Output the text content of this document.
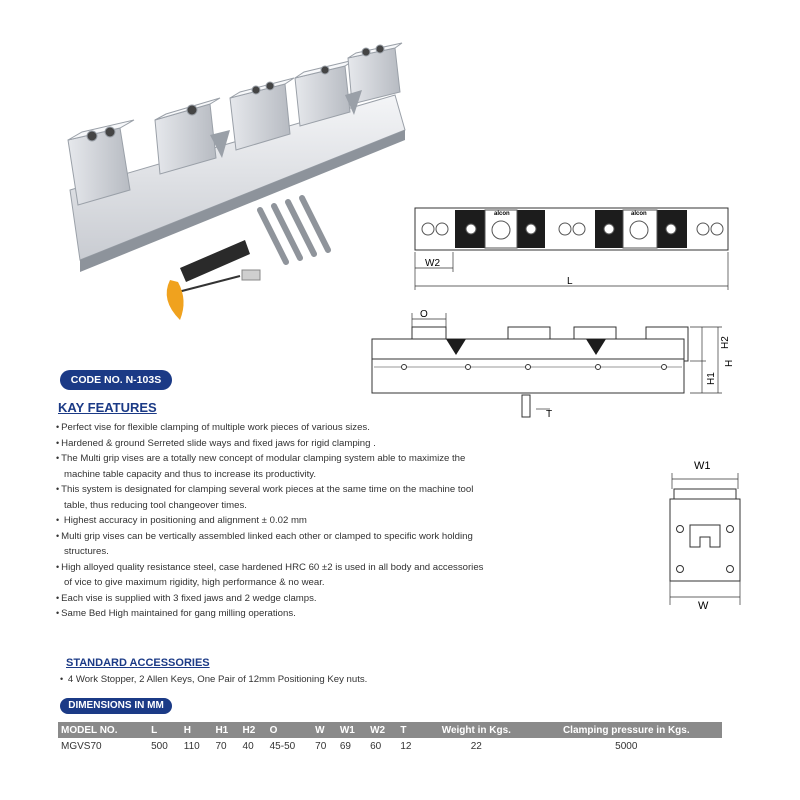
alcon	alcon
W2
L
T
O
H2
H1
H
W1
W
CODE NO. N-103S
KAY FEATURES
• Perfect vise for flexible clamping of multiple work pieces of various sizes.
• Hardened & ground Serreted slide ways and fixed jaws for rigid clamping .
• The Multi grip vises are a totally new concept of modular clamping system able to maximize the machine table capacity and thus to increase its productivity.
• This system is designated for clamping several work pieces at the same time on the machine tool table, thus reducing tool changeover times.
• Highest accuracy in positioning and alignment ± 0.02 mm
• Multi grip vises can be vertically assembled linked each other or clamped to specific work holding structures.
• High alloyed quality resistance steel, case hardened HRC 60 ±2 is used in all body and accessories of vice to give maximum rigidity, high performance & no wear.
• Each vise is supplied with 3 fixed jaws and 2 wedge clamps.
• Same Bed High maintained for gang milling operations.
STANDARD ACCESSORIES
• 4 Work Stopper, 2 Allen Keys, One Pair of 12mm Positioning Key nuts.
DIMENSIONS IN MM
MODEL NO.	L	H	H1	H2	O	W	W1	W2	T	Weight in Kgs.	Clamping pressure in Kgs.
MGVS70	500	110	70	40	45-50	70	69	60	12	22	5000
